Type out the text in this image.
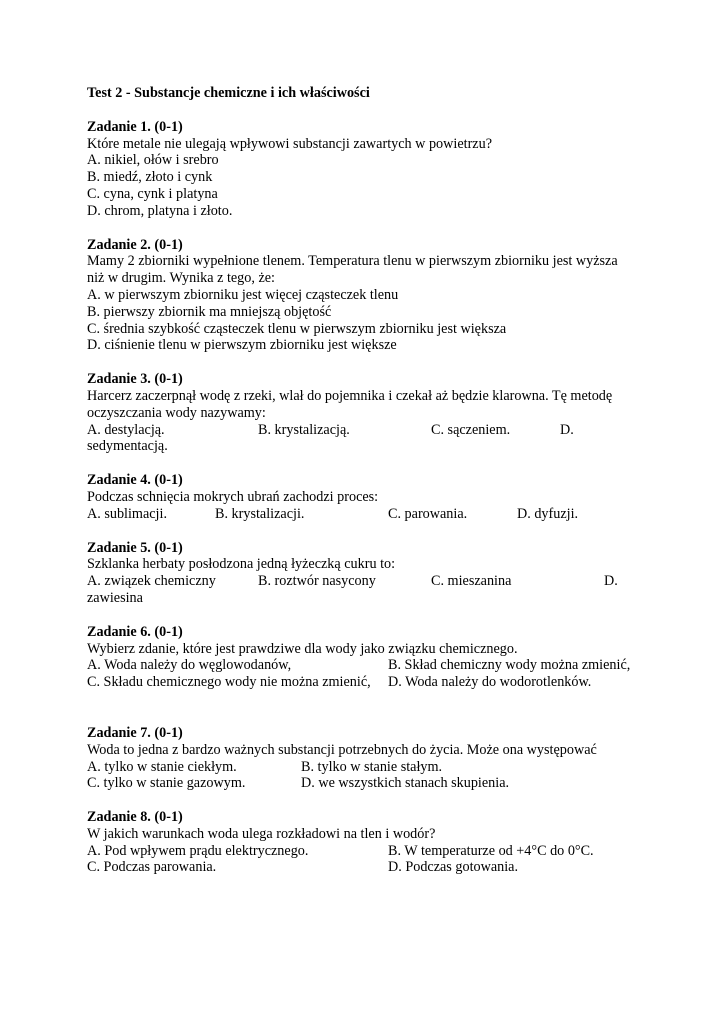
Test 2 - Substancje chemiczne i ich właściwości
Zadanie 1. (0-1)
Które metale nie ulegają wpływowi substancji zawartych w powietrzu?
A. nikiel, ołów i srebro
B. miedź, złoto i cynk
C. cyna, cynk i platyna
D. chrom, platyna i złoto.
Zadanie 2. (0-1)
Mamy 2 zbiorniki wypełnione tlenem. Temperatura tlenu w pierwszym zbiorniku jest wyższa
niż w drugim. Wynika z tego, że:
A. w pierwszym zbiorniku jest więcej cząsteczek tlenu
B. pierwszy zbiornik ma mniejszą objętość
C. średnia szybkość cząsteczek tlenu w pierwszym zbiorniku jest większa
D. ciśnienie tlenu w pierwszym zbiorniku jest większe
Zadanie 3. (0-1)
Harcerz zaczerpnął wodę z rzeki, wlał do pojemnika i czekał aż będzie klarowna. Tę metodę
oczyszczania wody nazywamy:
A. destylacją.	B. krystalizacją.	C. sączeniem.	D.
sedymentacją.
Zadanie 4. (0-1)
Podczas schnięcia mokrych ubrań zachodzi proces:
A. sublimacji.	B. krystalizacji.	C. parowania.	D. dyfuzji.
Zadanie 5. (0-1)
Szklanka herbaty posłodzona jedną łyżeczką cukru to:
A. związek chemiczny	B. roztwór nasycony	C. mieszanina	D.
zawiesina
Zadanie 6. (0-1)
Wybierz zdanie, które jest prawdziwe dla wody jako związku chemicznego.
A. Woda należy do węglowodanów,	B. Skład chemiczny wody można zmienić,
C. Składu chemicznego wody nie można zmienić, D. Woda należy do wodorotlenków.
Zadanie 7. (0-1)
Woda to jedna z bardzo ważnych substancji potrzebnych do życia. Może ona występować
A. tylko w stanie ciekłym.	B. tylko w stanie stałym.
C. tylko w stanie gazowym.	D. we wszystkich stanach skupienia.
Zadanie 8. (0-1)
W jakich warunkach woda ulega rozkładowi na tlen i wodór?
A. Pod wpływem prądu elektrycznego.	B. W temperaturze od +4°C do 0°C.
C. Podczas parowania.	D. Podczas gotowania.
